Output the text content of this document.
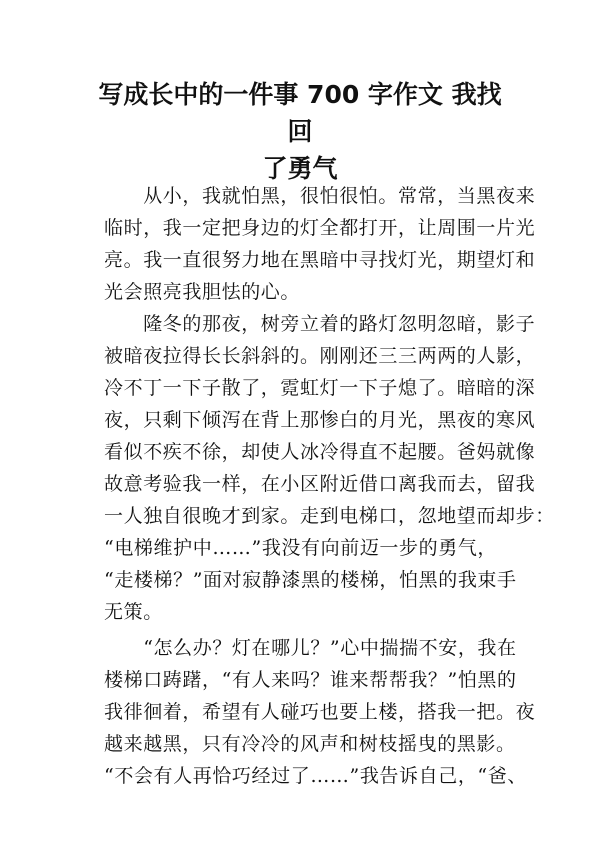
写成长中的一件事 700 字作文 我找回
了勇气
　　从小，我就怕黑，很怕很怕。常常，当黑夜来
临时，我一定把身边的灯全都打开，让周围一片光
亮。我一直很努力地在黑暗中寻找灯光，期望灯和
光会照亮我胆怯的心。
　　隆冬的那夜，树旁立着的路灯忽明忽暗，影子
被暗夜拉得长长斜斜的。刚刚还三三两两的人影，
冷不丁一下子散了，霓虹灯一下子熄了。暗暗的深
夜，只剩下倾泻在背上那惨白的月光，黑夜的寒风
看似不疾不徐，却使人冰冷得直不起腰。爸妈就像
故意考验我一样，在小区附近借口离我而去，留我
一人独自很晚才到家。走到电梯口，忽地望而却步：
“电梯维护中……”我没有向前迈一步的勇气，
“走楼梯？”面对寂静漆黑的楼梯，怕黑的我束手
无策。
　　“怎么办？灯在哪儿？”心中揣揣不安，我在
楼梯口踌躇，“有人来吗？谁来帮帮我？”怕黑的
我徘徊着，希望有人碰巧也要上楼，搭我一把。夜
越来越黑，只有冷冷的风声和树枝摇曳的黑影。
“不会有人再恰巧经过了……”我告诉自己，“爸、
